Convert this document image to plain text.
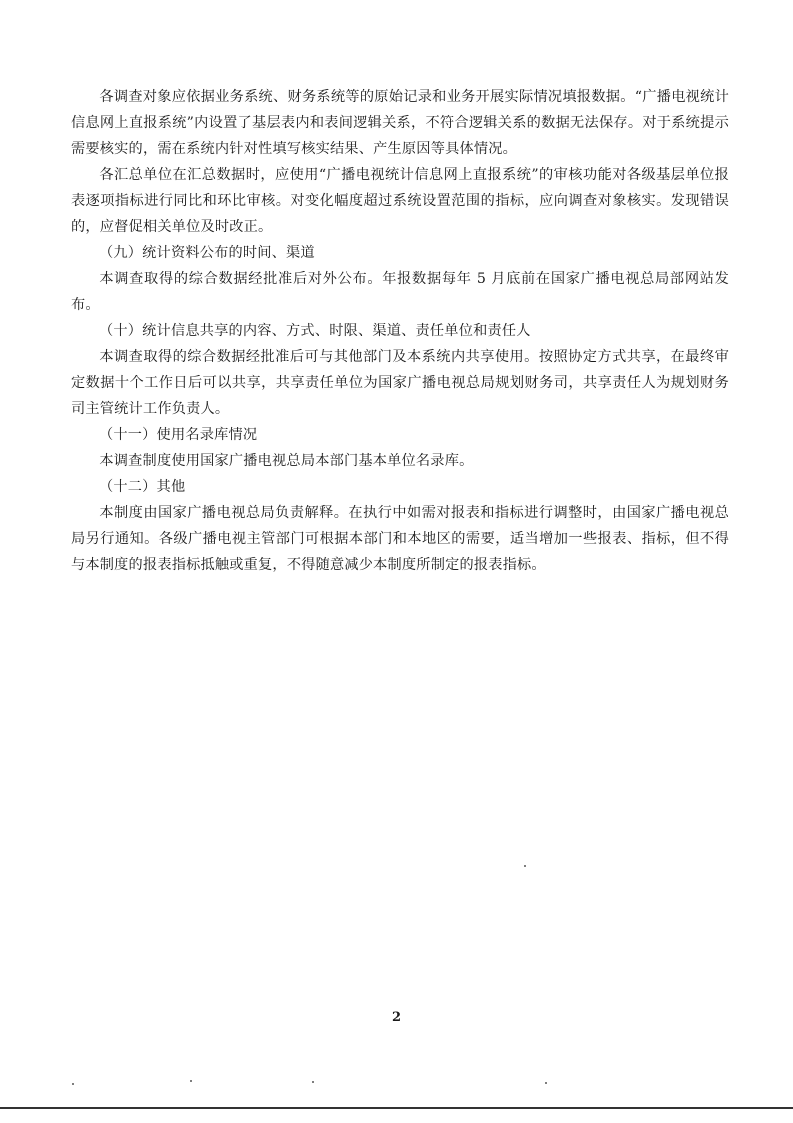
各调查对象应依据业务系统、财务系统等的原始记录和业务开展实际情况填报数据。“广播电视统计信息网上直报系统”内设置了基层表内和表间逻辑关系，不符合逻辑关系的数据无法保存。对于系统提示需要核实的，需在系统内针对性填写核实结果、产生原因等具体情况。

各汇总单位在汇总数据时，应使用“广播电视统计信息网上直报系统”的审核功能对各级基层单位报表逐项指标进行同比和环比审核。对变化幅度超过系统设置范围的指标，应向调查对象核实。发现错误的，应督促相关单位及时改正。

（九）统计资料公布的时间、渠道

本调查取得的综合数据经批准后对外公布。年报数据每年 5 月底前在国家广播电视总局部网站发布。

（十）统计信息共享的内容、方式、时限、渠道、责任单位和责任人

本调查取得的综合数据经批准后可与其他部门及本系统内共享使用。按照协定方式共享，在最终审定数据十个工作日后可以共享，共享责任单位为国家广播电视总局规划财务司，共享责任人为规划财务司主管统计工作负责人。

（十一）使用名录库情况

本调查制度使用国家广播电视总局本部门基本单位名录库。

（十二）其他

本制度由国家广播电视总局负责解释。在执行中如需对报表和指标进行调整时，由国家广播电视总局另行通知。各级广播电视主管部门可根据本部门和本地区的需要，适当增加一些报表、指标，但不得与本制度的报表指标抵触或重复，不得随意减少本制度所制定的报表指标。

2
